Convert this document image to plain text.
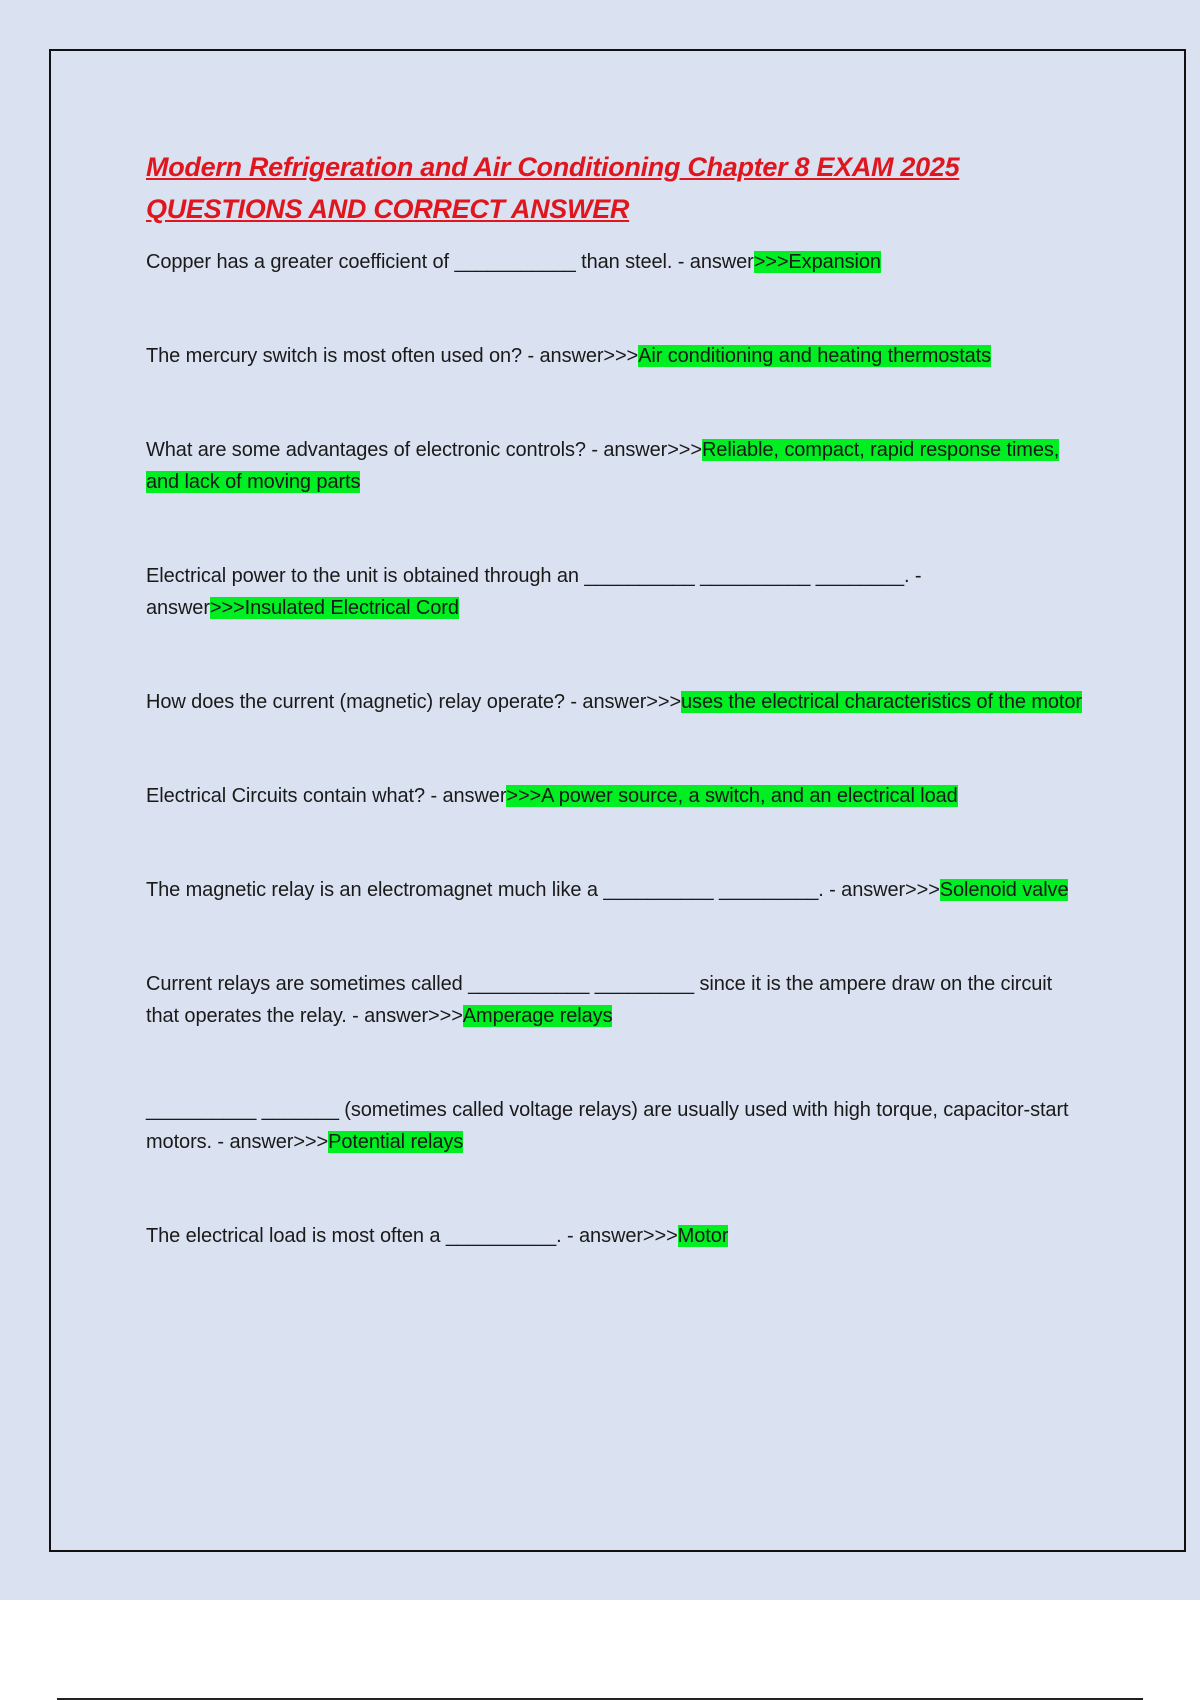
Modern Refrigeration and Air Conditioning Chapter 8 EXAM 2025
QUESTIONS AND CORRECT ANSWER

Copper has a greater coefficient of ___________ than steel. - answer>>>Expansion

The mercury switch is most often used on? - answer>>>Air conditioning and heating thermostats

What are some advantages of electronic controls? - answer>>>Reliable, compact, rapid response times, and lack of moving parts

Electrical power to the unit is obtained through an __________ __________ ________. - answer>>>Insulated Electrical Cord

How does the current (magnetic) relay operate? - answer>>>uses the electrical characteristics of the motor

Electrical Circuits contain what? - answer>>>A power source, a switch, and an electrical load

The magnetic relay is an electromagnet much like a __________ _________. - answer>>>Solenoid valve

Current relays are sometimes called ___________ _________ since it is the ampere draw on the circuit that operates the relay. - answer>>>Amperage relays

__________ _______ (sometimes called voltage relays) are usually used with high torque, capacitor-start motors. - answer>>>Potential relays

The electrical load is most often a __________. - answer>>>Motor
